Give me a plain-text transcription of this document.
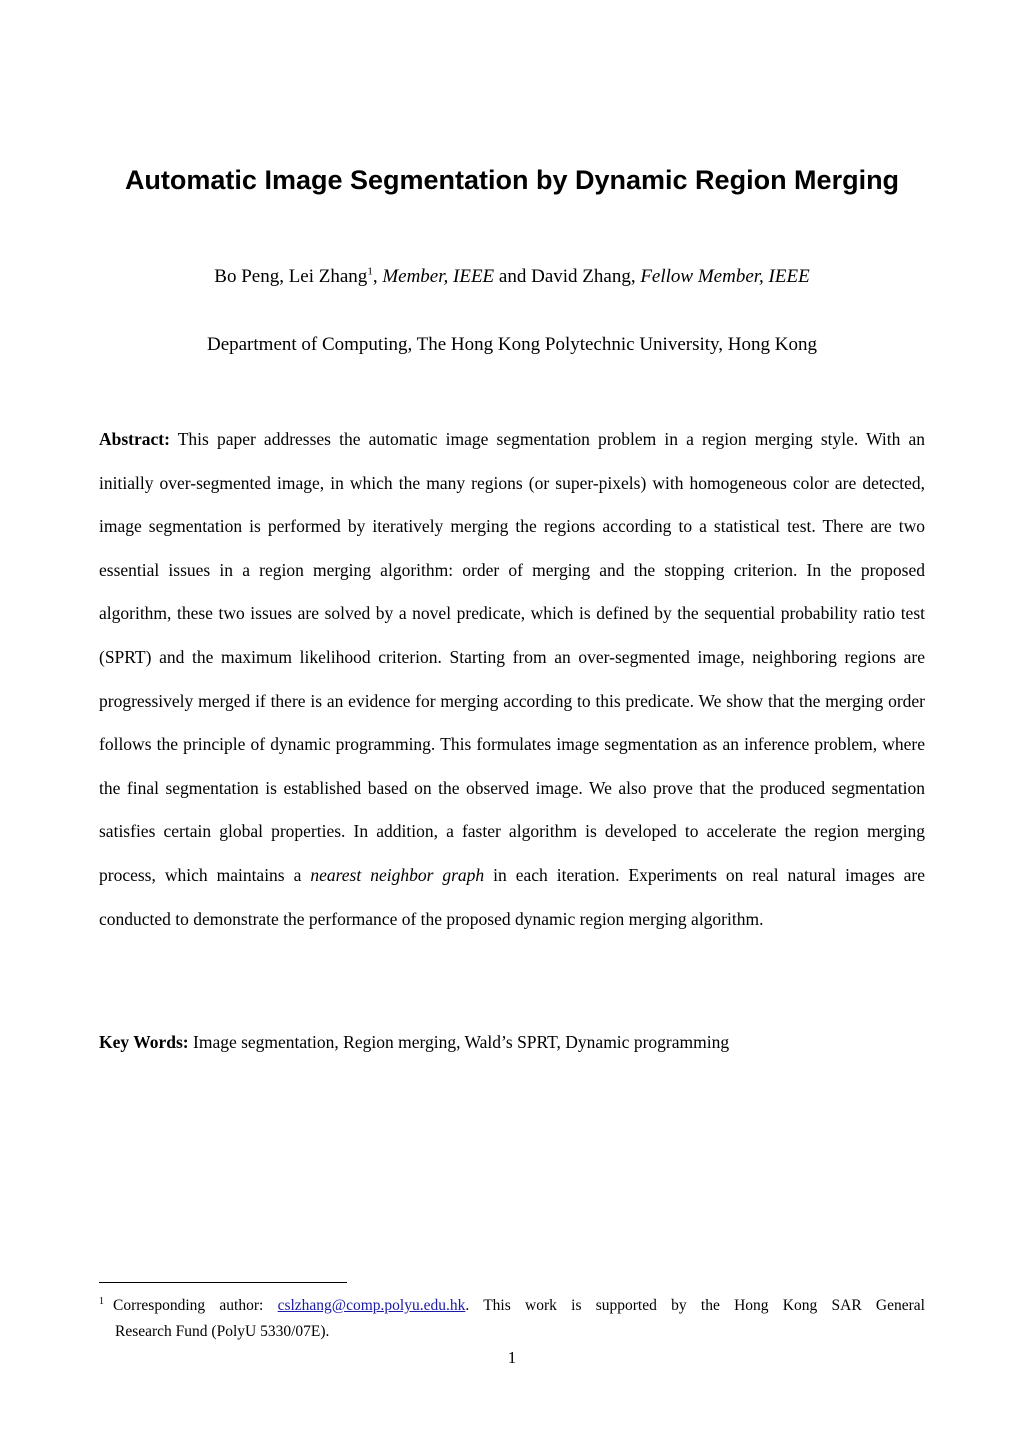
Automatic Image Segmentation by Dynamic Region Merging
Bo Peng, Lei Zhang$^1$, Member, IEEE and David Zhang, Fellow Member, IEEE
Department of Computing, The Hong Kong Polytechnic University, Hong Kong

Abstract: This paper addresses the automatic image segmentation problem in a region merging style. With an initially over-segmented image, in which the many regions (or super-pixels) with homogeneous color are detected, image segmentation is performed by iteratively merging the regions according to a statistical test. There are two essential issues in a region merging algorithm: order of merging and the stopping criterion. In the proposed algorithm, these two issues are solved by a novel predicate, which is defined by the sequential probability ratio test (SPRT) and the maximum likelihood criterion. Starting from an over-segmented image, neighboring regions are progressively merged if there is an evidence for merging according to this predicate. We show that the merging order follows the principle of dynamic programming. This formulates image segmentation as an inference problem, where the final segmentation is established based on the observed image. We also prove that the produced segmentation satisfies certain global properties. In addition, a faster algorithm is developed to accelerate the region merging process, which maintains a nearest neighbor graph in each iteration. Experiments on real natural images are conducted to demonstrate the performance of the proposed dynamic region merging algorithm.

Key Words: Image segmentation, Region merging, Wald’s SPRT, Dynamic programming
$^1$ Corresponding author: cslzhang@comp.polyu.edu.hk. This work is supported by the Hong Kong SAR General
Research Fund (PolyU 5330/07E).
1
